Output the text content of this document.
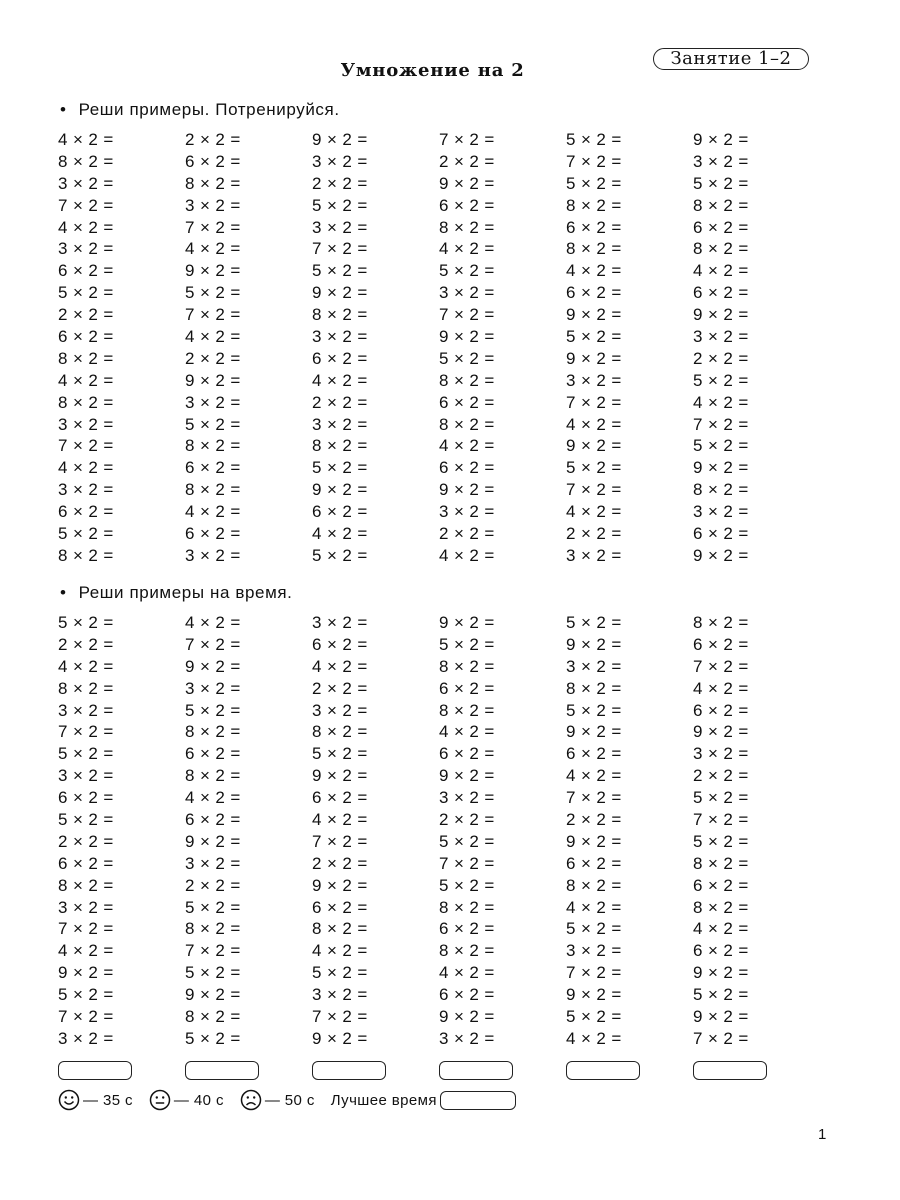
Занятие 1–2
Умножение на 2

• Реши примеры. Потренируйся.

4 × 2 =	2 × 2 =	9 × 2 =	7 × 2 =	5 × 2 =	9 × 2 =
8 × 2 =	6 × 2 =	3 × 2 =	2 × 2 =	7 × 2 =	3 × 2 =
3 × 2 =	8 × 2 =	2 × 2 =	9 × 2 =	5 × 2 =	5 × 2 =
7 × 2 =	3 × 2 =	5 × 2 =	6 × 2 =	8 × 2 =	8 × 2 =
4 × 2 =	7 × 2 =	3 × 2 =	8 × 2 =	6 × 2 =	6 × 2 =
3 × 2 =	4 × 2 =	7 × 2 =	4 × 2 =	8 × 2 =	8 × 2 =
6 × 2 =	9 × 2 =	5 × 2 =	5 × 2 =	4 × 2 =	4 × 2 =
5 × 2 =	5 × 2 =	9 × 2 =	3 × 2 =	6 × 2 =	6 × 2 =
2 × 2 =	7 × 2 =	8 × 2 =	7 × 2 =	9 × 2 =	9 × 2 =
6 × 2 =	4 × 2 =	3 × 2 =	9 × 2 =	5 × 2 =	3 × 2 =
8 × 2 =	2 × 2 =	6 × 2 =	5 × 2 =	9 × 2 =	2 × 2 =
4 × 2 =	9 × 2 =	4 × 2 =	8 × 2 =	3 × 2 =	5 × 2 =
8 × 2 =	3 × 2 =	2 × 2 =	6 × 2 =	7 × 2 =	4 × 2 =
3 × 2 =	5 × 2 =	3 × 2 =	8 × 2 =	4 × 2 =	7 × 2 =
7 × 2 =	8 × 2 =	8 × 2 =	4 × 2 =	9 × 2 =	5 × 2 =
4 × 2 =	6 × 2 =	5 × 2 =	6 × 2 =	5 × 2 =	9 × 2 =
3 × 2 =	8 × 2 =	9 × 2 =	9 × 2 =	7 × 2 =	8 × 2 =
6 × 2 =	4 × 2 =	6 × 2 =	3 × 2 =	4 × 2 =	3 × 2 =
5 × 2 =	6 × 2 =	4 × 2 =	2 × 2 =	2 × 2 =	6 × 2 =
8 × 2 =	3 × 2 =	5 × 2 =	4 × 2 =	3 × 2 =	9 × 2 =

• Реши примеры на время.

5 × 2 =	4 × 2 =	3 × 2 =	9 × 2 =	5 × 2 =	8 × 2 =
2 × 2 =	7 × 2 =	6 × 2 =	5 × 2 =	9 × 2 =	6 × 2 =
4 × 2 =	9 × 2 =	4 × 2 =	8 × 2 =	3 × 2 =	7 × 2 =
8 × 2 =	3 × 2 =	2 × 2 =	6 × 2 =	8 × 2 =	4 × 2 =
3 × 2 =	5 × 2 =	3 × 2 =	8 × 2 =	5 × 2 =	6 × 2 =
7 × 2 =	8 × 2 =	8 × 2 =	4 × 2 =	9 × 2 =	9 × 2 =
5 × 2 =	6 × 2 =	5 × 2 =	6 × 2 =	6 × 2 =	3 × 2 =
3 × 2 =	8 × 2 =	9 × 2 =	9 × 2 =	4 × 2 =	2 × 2 =
6 × 2 =	4 × 2 =	6 × 2 =	3 × 2 =	7 × 2 =	5 × 2 =
5 × 2 =	6 × 2 =	4 × 2 =	2 × 2 =	2 × 2 =	7 × 2 =
2 × 2 =	9 × 2 =	7 × 2 =	5 × 2 =	9 × 2 =	5 × 2 =
6 × 2 =	3 × 2 =	2 × 2 =	7 × 2 =	6 × 2 =	8 × 2 =
8 × 2 =	2 × 2 =	9 × 2 =	5 × 2 =	8 × 2 =	6 × 2 =
3 × 2 =	5 × 2 =	6 × 2 =	8 × 2 =	4 × 2 =	8 × 2 =
7 × 2 =	8 × 2 =	8 × 2 =	6 × 2 =	5 × 2 =	4 × 2 =
4 × 2 =	7 × 2 =	4 × 2 =	8 × 2 =	3 × 2 =	6 × 2 =
9 × 2 =	5 × 2 =	5 × 2 =	4 × 2 =	7 × 2 =	9 × 2 =
5 × 2 =	9 × 2 =	3 × 2 =	6 × 2 =	9 × 2 =	5 × 2 =
7 × 2 =	8 × 2 =	7 × 2 =	9 × 2 =	5 × 2 =	9 × 2 =
3 × 2 =	5 × 2 =	9 × 2 =	3 × 2 =	4 × 2 =	7 × 2 =
— 35 с	— 40 с	— 50 с Лучшее время
1
